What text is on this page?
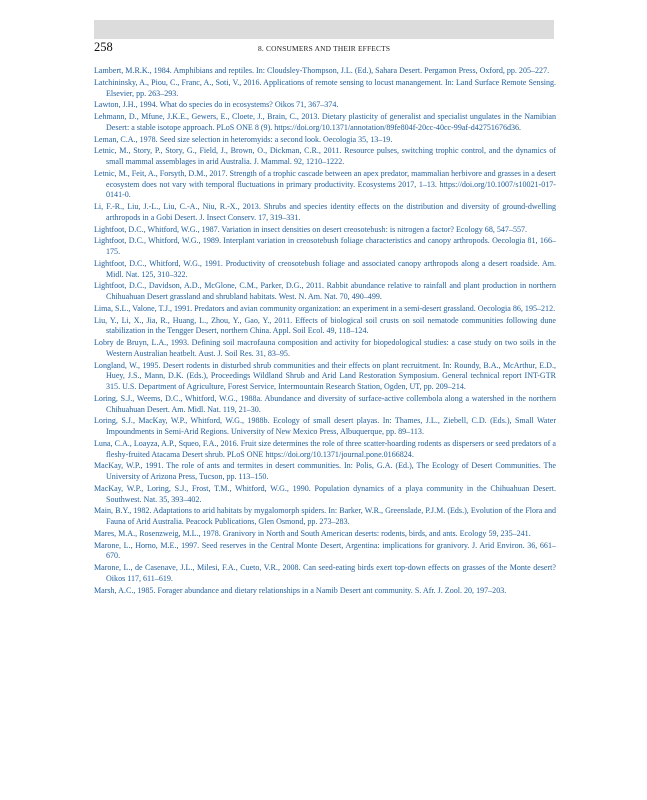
258	8. CONSUMERS AND THEIR EFFECTS
Lambert, M.R.K., 1984. Amphibians and reptiles. In: Cloudsley-Thompson, J.L. (Ed.), Sahara Desert. Pergamon Press, Oxford, pp. 205–227.
Latchininsky, A., Piou, C., Franc, A., Soti, V., 2016. Applications of remote sensing to locust manangement. In: Land Surface Remote Sensing. Elsevier, pp. 263–293.
Lawton, J.H., 1994. What do species do in ecosystems? Oikos 71, 367–374.
Lehmann, D., Mfune, J.K.E., Gewers, E., Cloete, J., Brain, C., 2013. Dietary plasticity of generalist and specialist ungulates in the Namibian Desert: a stable isotope approach. PLoS ONE 8 (9). https://doi.org/10.1371/annotation/89fe804f-20cc-40cc-99af-d42751676d36.
Leman, C.A., 1978. Seed size selection in heteromyids: a second look. Oecologia 35, 13–19.
Letnic, M., Story, P., Story, G., Field, J., Brown, O., Dickman, C.R., 2011. Resource pulses, switching trophic control, and the dynamics of small mammal assemblages in arid Australia. J. Mammal. 92, 1210–1222.
Letnic, M., Feit, A., Forsyth, D.M., 2017. Strength of a trophic cascade between an apex predator, mammalian herbivore and grasses in a desert ecosystem does not vary with temporal fluctuations in primary productivity. Ecosystems 2017, 1–13. https://doi.org/10.1007/s10021-017-0141-0.
Li, F.-R., Liu, J.-L., Liu, C.-A., Niu, R.-X., 2013. Shrubs and species identity effects on the distribution and diversity of ground-dwelling arthropods in a Gobi Desert. J. Insect Conserv. 17, 319–331.
Lightfoot, D.C., Whitford, W.G., 1987. Variation in insect densities on desert creosotebush: is nitrogen a factor? Ecology 68, 547–557.
Lightfoot, D.C., Whitford, W.G., 1989. Interplant variation in creosotebush foliage characteristics and canopy arthropods. Oecologia 81, 166–175.
Lightfoot, D.C., Whitford, W.G., 1991. Productivity of creosotebush foliage and associated canopy arthropods along a desert roadside. Am. Midl. Nat. 125, 310–322.
Lightfoot, D.C., Davidson, A.D., McGlone, C.M., Parker, D.G., 2011. Rabbit abundance relative to rainfall and plant production in northern Chihuahuan Desert grassland and shrubland habitats. West. N. Am. Nat. 70, 490–499.
Lima, S.L., Valone, T.J., 1991. Predators and avian community organization: an experiment in a semi-desert grassland. Oecologia 86, 195–212.
Liu, Y., Li, X., Jia, R., Huang, L., Zhou, Y., Gao, Y., 2011. Effects of biological soil crusts on soil nematode communities following dune stabilization in the Tengger Desert, northern China. Appl. Soil Ecol. 49, 118–124.
Lobry de Bruyn, L.A., 1993. Defining soil macrofauna composition and activity for biopedological studies: a case study on two soils in the Western Australian heatbelt. Aust. J. Soil Res. 31, 83–95.
Longland, W., 1995. Desert rodents in disturbed shrub communities and their effects on plant recruitment. In: Roundy, B.A., McArthur, E.D., Huey, J.S., Mann, D.K. (Eds.), Proceedings Wildland Shrub and Arid Land Restoration Symposium. General technical report INT-GTR 315. U.S. Department of Agriculture, Forest Service, Intermountain Research Station, Ogden, UT, pp. 209–214.
Loring, S.J., Weems, D.C., Whitford, W.G., 1988a. Abundance and diversity of surface-active collembola along a watershed in the northern Chihuahuan Desert. Am. Midl. Nat. 119, 21–30.
Loring, S.J., MacKay, W.P., Whitford, W.G., 1988b. Ecology of small desert playas. In: Thames, J.L., Ziebell, C.D. (Eds.), Small Water Impoundments in Semi-Arid Regions. University of New Mexico Press, Albuquerque, pp. 89–113.
Luna, C.A., Loayza, A.P., Squeo, F.A., 2016. Fruit size determines the role of three scatter-hoarding rodents as dispersers or seed predators of a fleshy-fruited Atacama Desert shrub. PLoS ONE https://doi.org/10.1371/journal.pone.0166824.
MacKay, W.P., 1991. The role of ants and termites in desert communities. In: Polis, G.A. (Ed.), The Ecology of Desert Communities. The University of Arizona Press, Tucson, pp. 113–150.
MacKay, W.P., Loring, S.J., Frost, T.M., Whitford, W.G., 1990. Population dynamics of a playa community in the Chihuahuan Desert. Southwest. Nat. 35, 393–402.
Main, B.Y., 1982. Adaptations to arid habitats by mygalomorph spiders. In: Barker, W.R., Greenslade, P.J.M. (Eds.), Evolution of the Flora and Fauna of Arid Australia. Peacock Publications, Glen Osmond, pp. 273–283.
Mares, M.A., Rosenzweig, M.L., 1978. Granivory in North and South American deserts: rodents, birds, and ants. Ecology 59, 235–241.
Marone, L., Horno, M.E., 1997. Seed reserves in the Central Monte Desert, Argentina: implications for granivory. J. Arid Environ. 36, 661–670.
Marone, L., de Casenave, J.L., Milesi, F.A., Cueto, V.R., 2008. Can seed-eating birds exert top-down effects on grasses of the Monte desert? Oikos 117, 611–619.
Marsh, A.C., 1985. Forager abundance and dietary relationships in a Namib Desert ant community. S. Afr. J. Zool. 20, 197–203.
